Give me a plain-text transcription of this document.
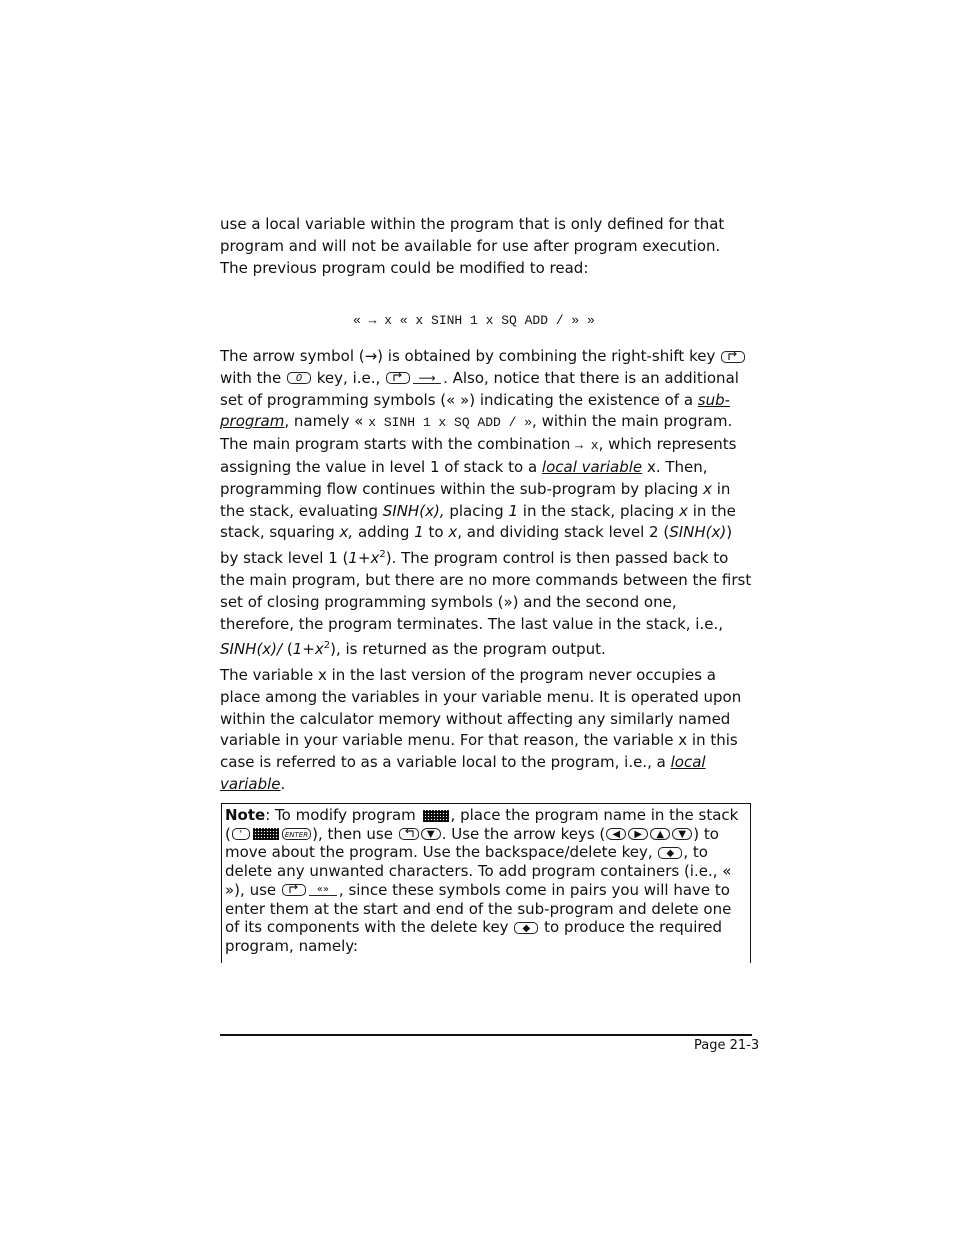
use a local variable within the program that is only defined for that program and will not be available for use after program execution. The previous program could be modified to read:

« → x « x SINH 1 x SQ ADD / » »

The arrow symbol (→) is obtained by combining the right-shift key  with the 0 key, i.e.,	⟶ . Also, notice that there is an additional set of programming symbols (« ») indicating the existence of a sub-program, namely « x SINH 1 x SQ ADD / », within the main program. The main program starts with the combination → x, which represents assigning the value in level 1 of stack to a local variable x. Then, programming flow continues within the sub-program by placing x in the stack, evaluating SINH(x), placing 1 in the stack, placing x in the stack, squaring x, adding 1 to x, and dividing stack level 2 (SINH(x)) by stack level 1 $(1+x^2)$. The program control is then passed back to the main program, but there are no more commands between the first set of closing programming symbols (») and the second one, therefore, the program terminates. The last value in the stack, i.e., SINH(x)/ $(1+x^2)$, is returned as the program output.

The variable x in the last version of the program never occupies a place among the variables in your variable menu. It is operated upon within the calculator memory without affecting any similarly named variable in your variable menu. For that reason, the variable x in this case is referred to as a variable local to the program, i.e., a local variable.

Note: To modify program , place the program name in the stack ( '	ENTER ), then use	▼ . Use the arrow keys ( ◀ ▶ ▲ ▼ ) to move about the program. Use the backspace/delete key, ◆ , to delete any unwanted characters. To add program containers (i.e., « »), use	«» , since these symbols come in pairs you will have to enter them at the start and end of the sub-program and delete one of its components with the delete key ◆ to produce the required program, namely:
Page 21-3
